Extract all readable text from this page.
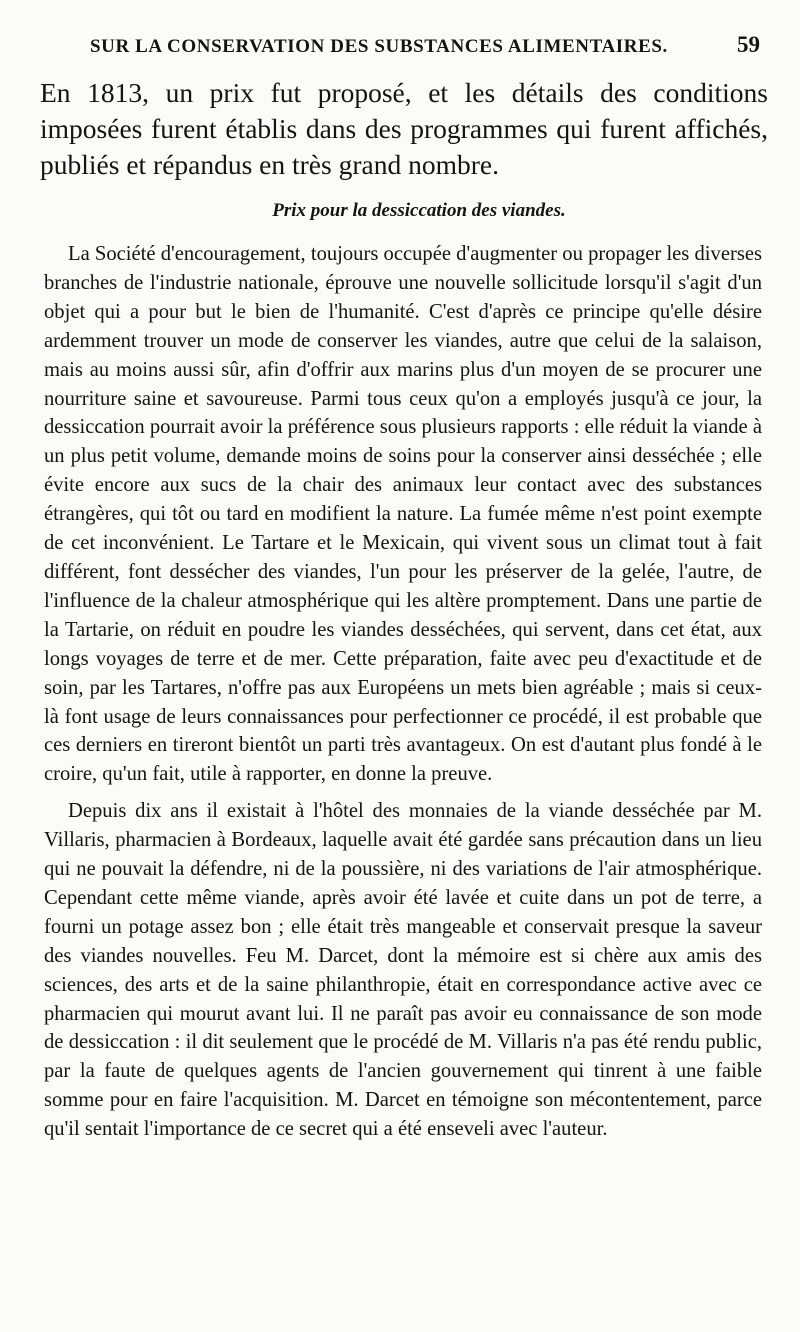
SUR LA CONSERVATION DES SUBSTANCES ALIMENTAIRES.	59

En 1813, un prix fut proposé, et les détails des conditions imposées furent établis dans des programmes qui furent affichés, publiés et répandus en très grand nombre.

Prix pour la dessiccation des viandes.

La Société d'encouragement, toujours occupée d'augmenter ou propager les diverses branches de l'industrie nationale, éprouve une nouvelle sollicitude lorsqu'il s'agit d'un objet qui a pour but le bien de l'humanité. C'est d'après ce principe qu'elle désire ardemment trouver un mode de conserver les viandes, autre que celui de la salaison, mais au moins aussi sûr, afin d'offrir aux marins plus d'un moyen de se procurer une nourriture saine et savoureuse. Parmi tous ceux qu'on a employés jusqu'à ce jour, la dessiccation pourrait avoir la préférence sous plusieurs rapports : elle réduit la viande à un plus petit volume, demande moins de soins pour la conserver ainsi desséchée ; elle évite encore aux sucs de la chair des animaux leur contact avec des substances étrangères, qui tôt ou tard en modifient la nature. La fumée même n'est point exempte de cet inconvénient. Le Tartare et le Mexicain, qui vivent sous un climat tout à fait différent, font dessécher des viandes, l'un pour les préserver de la gelée, l'autre, de l'influence de la chaleur atmosphérique qui les altère promptement. Dans une partie de la Tartarie, on réduit en poudre les viandes desséchées, qui servent, dans cet état, aux longs voyages de terre et de mer. Cette préparation, faite avec peu d'exactitude et de soin, par les Tartares, n'offre pas aux Européens un mets bien agréable ; mais si ceux-là font usage de leurs connaissances pour perfectionner ce procédé, il est probable que ces derniers en tireront bientôt un parti très avantageux. On est d'autant plus fondé à le croire, qu'un fait, utile à rapporter, en donne la preuve.

Depuis dix ans il existait à l'hôtel des monnaies de la viande desséchée par M. Villaris, pharmacien à Bordeaux, laquelle avait été gardée sans précaution dans un lieu qui ne pouvait la défendre, ni de la poussière, ni des variations de l'air atmosphérique. Cependant cette même viande, après avoir été lavée et cuite dans un pot de terre, a fourni un potage assez bon ; elle était très mangeable et conservait presque la saveur des viandes nouvelles. Feu M. Darcet, dont la mémoire est si chère aux amis des sciences, des arts et de la saine philanthropie, était en correspondance active avec ce pharmacien qui mourut avant lui. Il ne paraît pas avoir eu connaissance de son mode de dessiccation : il dit seulement que le procédé de M. Villaris n'a pas été rendu public, par la faute de quelques agents de l'ancien gouvernement qui tinrent à une faible somme pour en faire l'acquisition. M. Darcet en témoigne son mécontentement, parce qu'il sentait l'importance de ce secret qui a été enseveli avec l'auteur.
